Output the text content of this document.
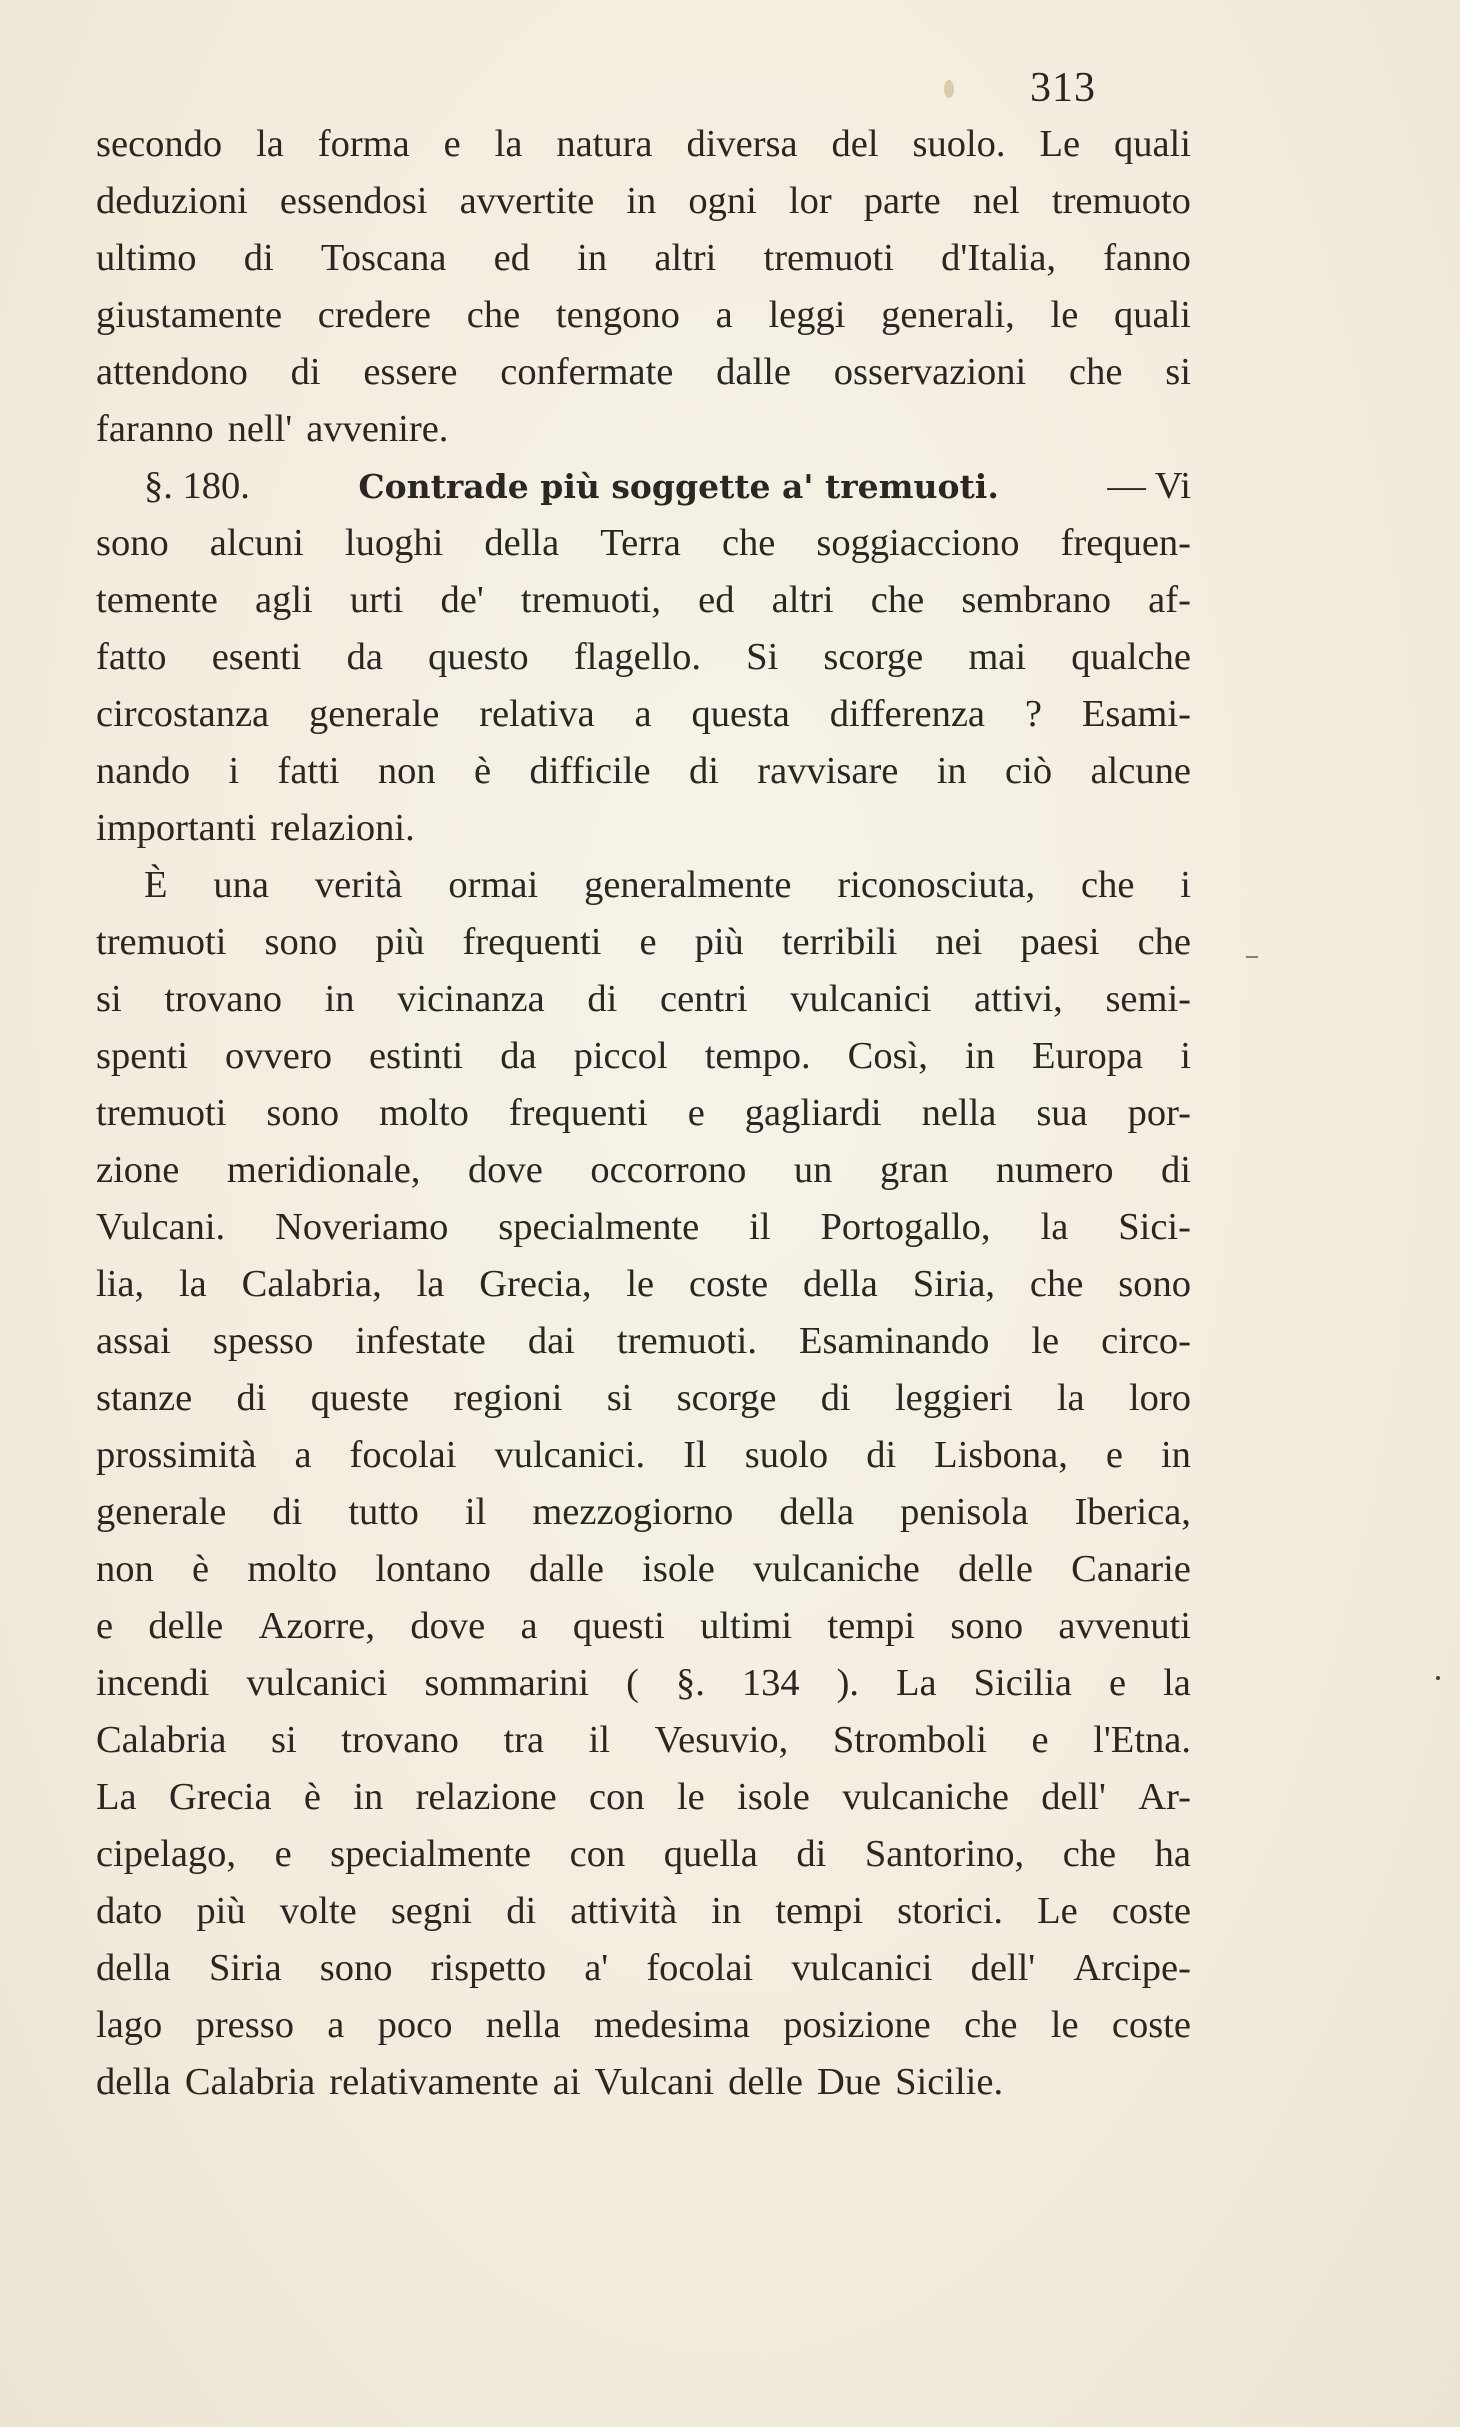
313
secondo la forma e la natura diversa del suolo. Le quali
deduzioni essendosi avvertite in ogni lor parte nel tremuoto
ultimo di Toscana ed in altri tremuoti d'Italia, fanno
giustamente credere che tengono a leggi generali, le quali
attendono di essere confermate dalle osservazioni che si
faranno nell' avvenire.
§. 180.	Contrade più soggette a' tremuoti.	— Vi
sono alcuni luoghi della Terra che soggiacciono frequen-
temente agli urti de' tremuoti, ed altri che sembrano af-
fatto esenti da questo flagello. Si scorge mai qualche
circostanza generale relativa a questa differenza ? Esami-
nando i fatti non è difficile di ravvisare in ciò alcune
importanti relazioni.
È una verità ormai generalmente riconosciuta, che i
tremuoti sono più frequenti e più terribili nei paesi che
si trovano in vicinanza di centri vulcanici attivi, semi-
spenti ovvero estinti da piccol tempo. Così, in Europa i
tremuoti sono molto frequenti e gagliardi nella sua por-
zione meridionale, dove occorrono un gran numero di
Vulcani. Noveriamo specialmente il Portogallo, la Sici-
lia, la Calabria, la Grecia, le coste della Siria, che sono
assai spesso infestate dai tremuoti. Esaminando le circo-
stanze di queste regioni si scorge di leggieri la loro
prossimità a focolai vulcanici. Il suolo di Lisbona, e in
generale di tutto il mezzogiorno della penisola Iberica,
non è molto lontano dalle isole vulcaniche delle Canarie
e delle Azorre, dove a questi ultimi tempi sono avvenuti
incendi vulcanici sommarini ( §. 134 ). La Sicilia e la
Calabria si trovano tra il Vesuvio, Stromboli e l'Etna.
La Grecia è in relazione con le isole vulcaniche dell' Ar-
cipelago, e specialmente con quella di Santorino, che ha
dato più volte segni di attività in tempi storici. Le coste
della Siria sono rispetto a' focolai vulcanici dell' Arcipe-
lago presso a poco nella medesima posizione che le coste
della Calabria relativamente ai Vulcani delle Due Sicilie.
